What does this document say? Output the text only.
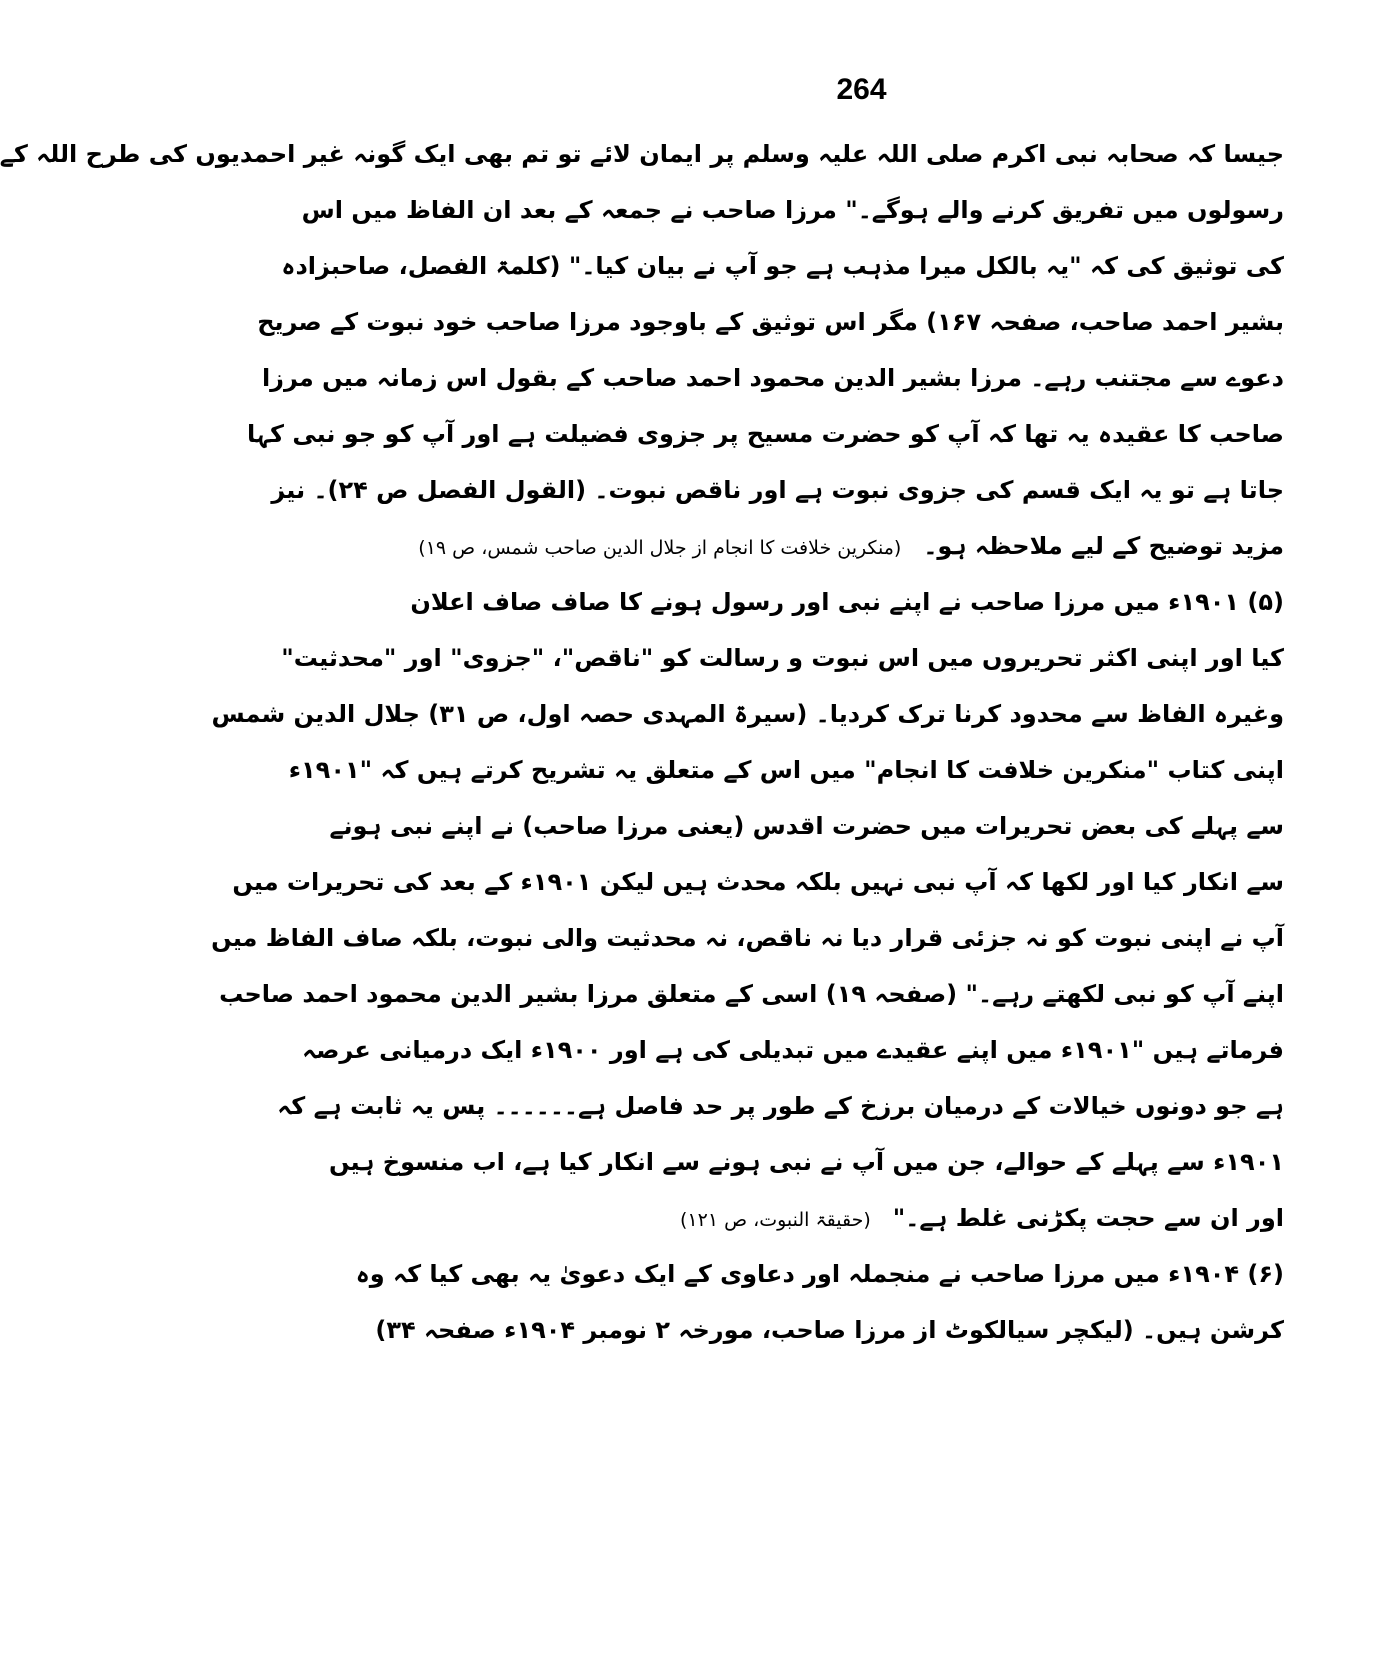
264
جیسا کہ صحابہ نبی اکرم صلی اللہ علیہ وسلم پر ایمان لائے تو تم بھی ایک گونہ غیر احمدیوں کی طرح اللہ کے
رسولوں میں تفریق کرنے والے ہوگے۔" مرزا صاحب نے جمعہ کے بعد ان الفاظ میں اس
کی توثیق کی کہ "یہ بالکل میرا مذہب ہے جو آپ نے بیان کیا۔" (کلمۃ الفصل، صاحبزادہ
بشیر احمد صاحب، صفحہ ۱۶۷) مگر اس توثیق کے باوجود مرزا صاحب خود نبوت کے صریح
دعوے سے مجتنب رہے۔ مرزا بشیر الدین محمود احمد صاحب کے بقول اس زمانہ میں مرزا
صاحب کا عقیدہ یہ تھا کہ آپ کو حضرت مسیح پر جزوی فضیلت ہے اور آپ کو جو نبی کہا
جاتا ہے تو یہ ایک قسم کی جزوی نبوت ہے اور ناقص نبوت۔ (القول الفصل ص ۲۴)۔ نیز
مزید توضیح کے لیے ملاحظہ ہو۔(منکرین خلافت کا انجام از جلال الدین صاحب شمس، ص ۱۹)
(۵) ۱۹۰۱ء میں مرزا صاحب نے اپنے نبی اور رسول ہونے کا صاف صاف اعلان
کیا اور اپنی اکثر تحریروں میں اس نبوت و رسالت کو "ناقص"، "جزوی" اور "محدثیت"
وغیرہ الفاظ سے محدود کرنا ترک کردیا۔ (سیرۃ المہدی حصہ اول، ص ۳۱) جلال الدین شمس
اپنی کتاب "منکرین خلافت کا انجام" میں اس کے متعلق یہ تشریح کرتے ہیں کہ "۱۹۰۱ء
سے پہلے کی بعض تحریرات میں حضرت اقدس (یعنی مرزا صاحب) نے اپنے نبی ہونے
سے انکار کیا اور لکھا کہ آپ نبی نہیں بلکہ محدث ہیں لیکن ۱۹۰۱ء کے بعد کی تحریرات میں
آپ نے اپنی نبوت کو نہ جزئی قرار دیا نہ ناقص، نہ محدثیت والی نبوت، بلکہ صاف الفاظ میں
اپنے آپ کو نبی لکھتے رہے۔" (صفحہ ۱۹) اسی کے متعلق مرزا بشیر الدین محمود احمد صاحب
فرماتے ہیں "۱۹۰۱ء میں اپنے عقیدے میں تبدیلی کی ہے اور ۱۹۰۰ء ایک درمیانی عرصہ
ہے جو دونوں خیالات کے درمیان برزخ کے طور پر حد فاصل ہے۔۔۔۔۔۔ پس یہ ثابت ہے کہ
۱۹۰۱ء سے پہلے کے حوالے، جن میں آپ نے نبی ہونے سے انکار کیا ہے، اب منسوخ ہیں
اور ان سے حجت پکڑنی غلط ہے۔"(حقیقۃ النبوت، ص ۱۲۱)
(۶) ۱۹۰۴ء میں مرزا صاحب نے منجملہ اور دعاوی کے ایک دعویٰ یہ بھی کیا کہ وہ
کرشن ہیں۔ (لیکچر سیالکوٹ از مرزا صاحب، مورخہ ۲ نومبر ۱۹۰۴ء صفحہ ۳۴)
